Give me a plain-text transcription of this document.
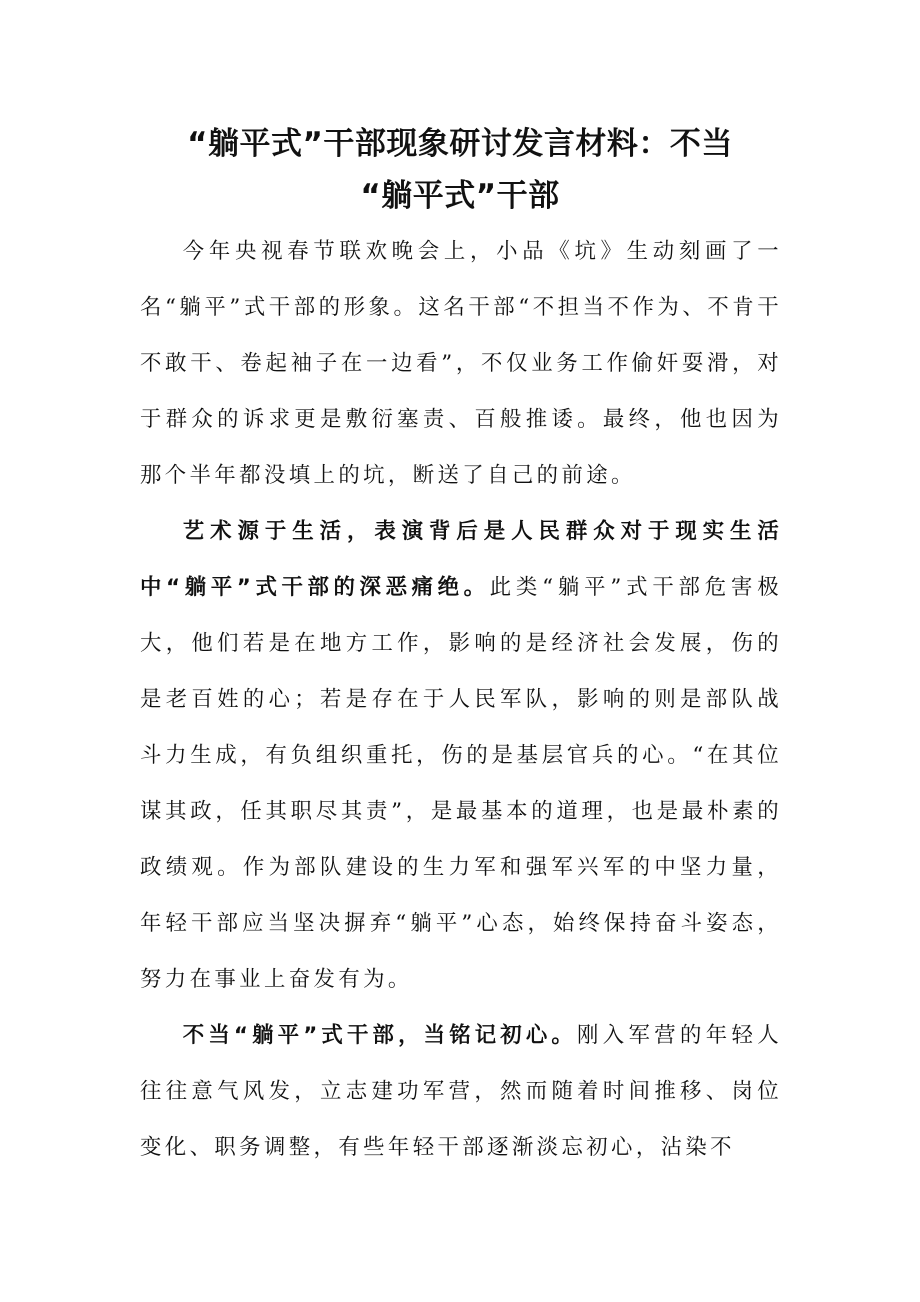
“躺平式”干部现象研讨发言材料：不当
“躺平式”干部

今年央视春节联欢晚会上，小品《坑》生动刻画了一名“躺平”式干部的形象。这名干部“不担当不作为、不肯干不敢干、卷起袖子在一边看”，不仅业务工作偷奸耍滑，对于群众的诉求更是敷衍塞责、百般推诿。最终，他也因为那个半年都没填上的坑，断送了自己的前途。

艺术源于生活，表演背后是人民群众对于现实生活中“躺平”式干部的深恶痛绝。此类“躺平”式干部危害极大，他们若是在地方工作，影响的是经济社会发展，伤的是老百姓的心；若是存在于人民军队，影响的则是部队战斗力生成，有负组织重托，伤的是基层官兵的心。“在其位谋其政，任其职尽其责”，是最基本的道理，也是最朴素的政绩观。作为部队建设的生力军和强军兴军的中坚力量，年轻干部应当坚决摒弃“躺平”心态，始终保持奋斗姿态，努力在事业上奋发有为。

不当“躺平”式干部，当铭记初心。刚入军营的年轻人往往意气风发，立志建功军营，然而随着时间推移、岗位变化、职务调整，有些年轻干部逐渐淡忘初心，沾染不
